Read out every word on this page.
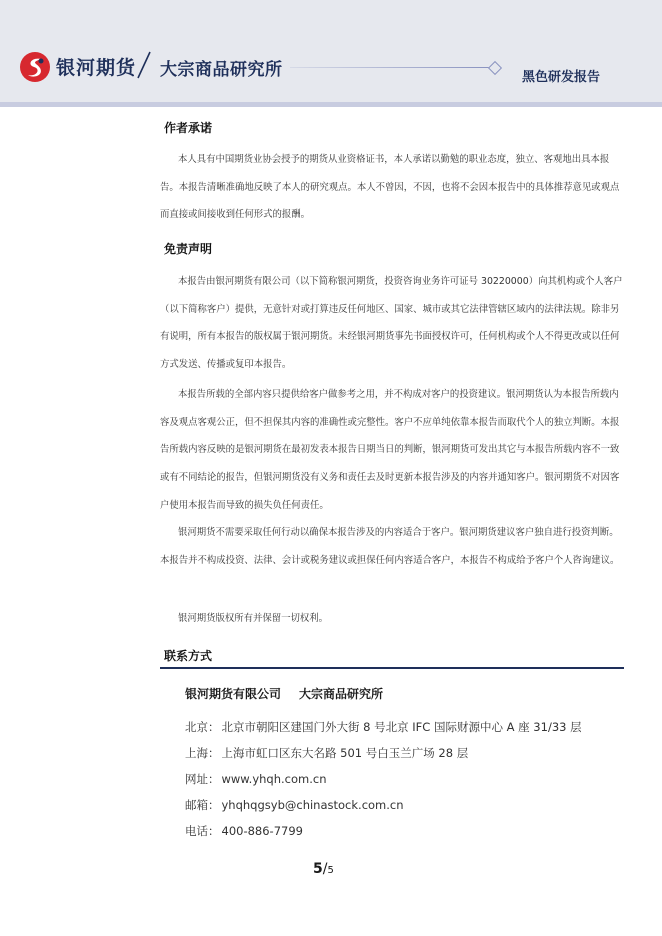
银河期货 大宗商品研究所	黑色研发报告
作者承诺

本人具有中国期货业协会授予的期货从业资格证书，本人承诺以勤勉的职业态度，独立、客观地出具本报告。本报告清晰准确地反映了本人的研究观点。本人不曾因，不因，也将不会因本报告中的具体推荐意见或观点而直接或间接收到任何形式的报酬。

免责声明

本报告由银河期货有限公司（以下简称银河期货，投资咨询业务许可证号 30220000）向其机构或个人客户（以下简称客户）提供，无意针对或打算违反任何地区、国家、城市或其它法律管辖区域内的法律法规。除非另有说明，所有本报告的版权属于银河期货。未经银河期货事先书面授权许可，任何机构或个人不得更改或以任何方式发送、传播或复印本报告。

本报告所载的全部内容只提供给客户做参考之用，并不构成对客户的投资建议。银河期货认为本报告所载内容及观点客观公正，但不担保其内容的准确性或完整性。客户不应单纯依靠本报告而取代个人的独立判断。本报告所载内容反映的是银河期货在最初发表本报告日期当日的判断，银河期货可发出其它与本报告所载内容不一致或有不同结论的报告，但银河期货没有义务和责任去及时更新本报告涉及的内容并通知客户。银河期货不对因客户使用本报告而导致的损失负任何责任。

银河期货不需要采取任何行动以确保本报告涉及的内容适合于客户。银河期货建议客户独自进行投资判断。本报告并不构成投资、法律、会计或税务建议或担保任何内容适合客户，本报告不构成给予客户个人咨询建议。

银河期货版权所有并保留一切权利。

联系方式
银河期货有限公司 大宗商品研究所
北京： 北京市朝阳区建国门外大街 8 号北京 IFC 国际财源中心 A 座 31/33 层
上海： 上海市虹口区东大名路 501 号白玉兰广场 28 层
网址： www.yhqh.com.cn
邮箱： yhqhqgsyb@chinastock.com.cn
电话： 400-886-7799
5/5
